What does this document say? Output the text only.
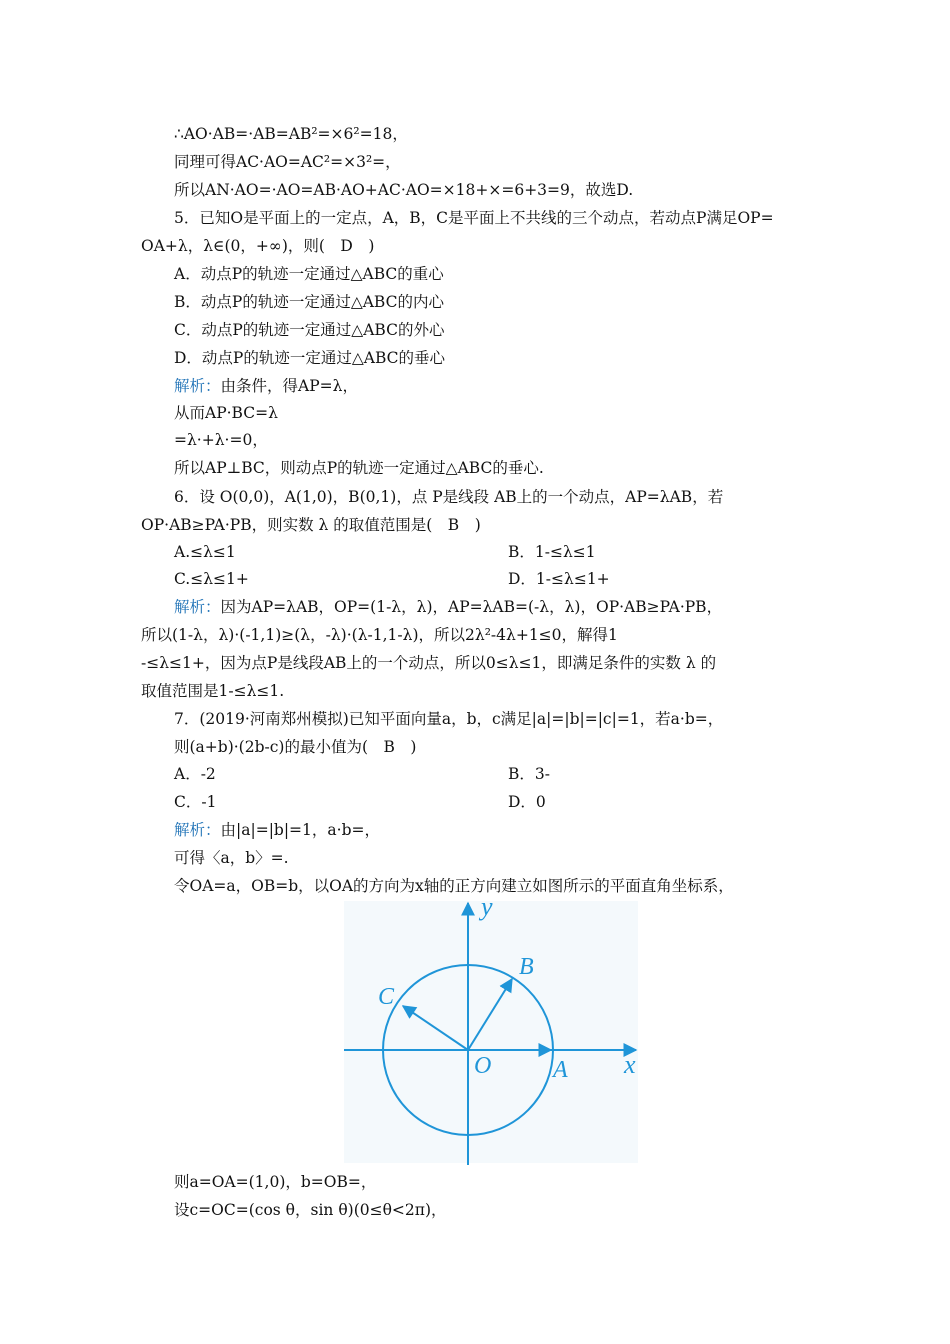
∴AO·AB=·AB=AB²=×6²=18，
同理可得AC·AO=AC²=×3²=，
所以AN·AO=·AO=AB·AO+AC·AO=×18+×=6+3=9，故选D.
5．已知O是平面上的一定点，A，B，C是平面上不共线的三个动点，若动点P满足OP=
OA+λ，λ∈(0，+∞)，则(　D　)
A．动点P的轨迹一定通过△ABC的重心
B．动点P的轨迹一定通过△ABC的内心
C．动点P的轨迹一定通过△ABC的外心
D．动点P的轨迹一定通过△ABC的垂心
解析：由条件，得AP=λ，
从而AP·BC=λ
=λ·+λ·=0，
所以AP⊥BC，则动点P的轨迹一定通过△ABC的垂心.
6．设 O(0,0)，A(1,0)，B(0,1)，点 P是线段 AB上的一个动点，AP=λAB，若
OP·AB≥PA·PB，则实数 λ 的取值范围是(　B　)
A.≤λ≤1	B．1-≤λ≤1
C.≤λ≤1+	D．1-≤λ≤1+
解析：因为AP=λAB，OP=(1-λ，λ)，AP=λAB=(-λ，λ)，OP·AB≥PA·PB，
所以(1-λ，λ)·(-1,1)≥(λ，-λ)·(λ-1,1-λ)，所以2λ²-4λ+1≤0，解得1
-≤λ≤1+，因为点P是线段AB上的一个动点，所以0≤λ≤1，即满足条件的实数 λ 的
取值范围是1-≤λ≤1.
7．(2019·河南郑州模拟)已知平面向量a，b，c满足|a|=|b|=|c|=1，若a·b=，
则(a+b)·(2b-c)的最小值为(　B　)
A．-2	B．3-
C．-1	D．0
解析：由|a|=|b|=1，a·b=，
可得〈a，b〉=.
令OA=a，OB=b，以OA的方向为x轴的正方向建立如图所示的平面直角坐标系，
则a=OA=(1,0)，b=OB=，
设c=OC=(cos θ，sin θ)(0≤θ<2π)，
y
x
O	A
B
C
